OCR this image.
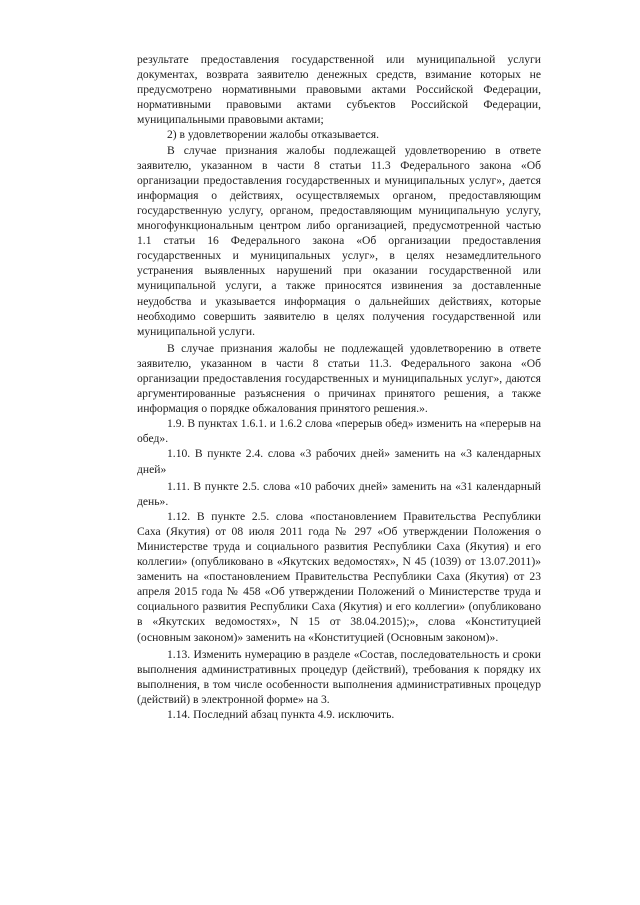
результате предоставления государственной или муниципальной услуги документах, возврата заявителю денежных средств, взимание которых не предусмотрено нормативными правовыми актами Российской Федерации, нормативными правовыми актами субъектов Российской Федерации, муниципальными правовыми актами;

2) в удовлетворении жалобы отказывается.

В случае признания жалобы подлежащей удовлетворению в ответе заявителю, указанном в части 8 статьи 11.3 Федерального закона «Об организации предоставления государственных и муниципальных услуг», дается информация о действиях, осуществляемых органом, предоставляющим государственную услугу, органом, предоставляющим муниципальную услугу, многофункциональным центром либо организацией, предусмотренной частью 1.1 статьи 16 Федерального закона «Об организации предоставления государственных и муниципальных услуг», в целях незамедлительного устранения выявленных нарушений при оказании государственной или муниципальной услуги, а также приносятся извинения за доставленные неудобства и указывается информация о дальнейших действиях, которые необходимо совершить заявителю в целях получения государственной или муниципальной услуги.

В случае признания жалобы не подлежащей удовлетворению в ответе заявителю, указанном в части 8 статьи 11.3. Федерального закона «Об организации предоставления государственных и муниципальных услуг», даются аргументированные разъяснения о причинах принятого решения, а также информация о порядке обжалования принятого решения.».

1.9. В пунктах 1.6.1. и 1.6.2 слова «перерыв обед» изменить на «перерыв на обед».

1.10. В пункте 2.4. слова «3 рабочих дней» заменить на «3 календарных дней»

1.11. В пункте 2.5. слова «10 рабочих дней» заменить на «31 календарный день».

1.12. В пункте 2.5. слова «постановлением Правительства Республики Саха (Якутия) от 08 июля 2011 года № 297 «Об утверждении Положения о Министерстве труда и социального развития Республики Саха (Якутия) и его коллегии» (опубликовано в «Якутских ведомостях», N 45 (1039) от 13.07.2011)» заменить на «постановлением Правительства Республики Саха (Якутия) от 23 апреля 2015 года № 458 «Об утверждении Положений о Министерстве труда и социального развития Республики Саха (Якутия) и его коллегии» (опубликовано в «Якутских ведомостях», N 15 от 38.04.2015);», слова «Конституцией (основным законом)» заменить на «Конституцией (Основным законом)».

1.13. Изменить нумерацию в разделе «Состав, последовательность и сроки выполнения административных процедур (действий), требования к порядку их выполнения, в том числе особенности выполнения административных процедур (действий) в электронной форме» на 3.

1.14. Последний абзац пункта 4.9. исключить.
